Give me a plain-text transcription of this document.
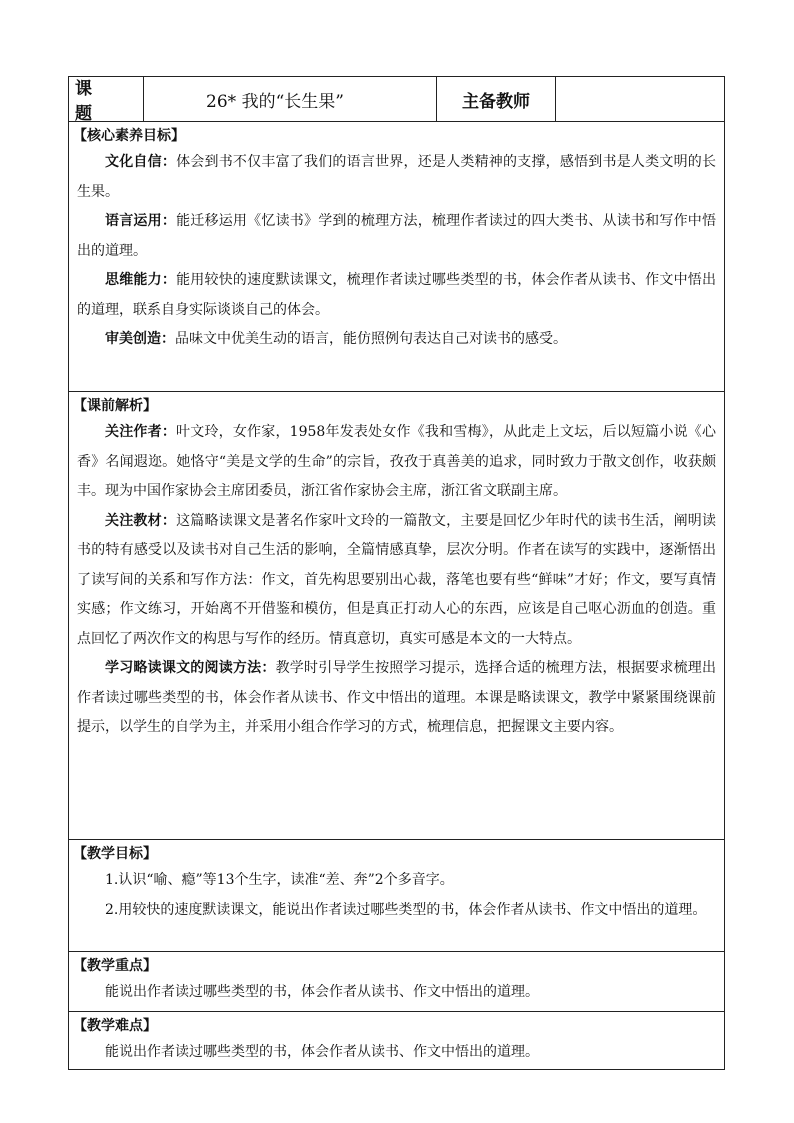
课　题
26* 我的“长生果”	主备教师
【核心素养目标】

文化自信：体会到书不仅丰富了我们的语言世界，还是人类精神的支撑，感悟到书是人类文明的长生果。

语言运用：能迁移运用《忆读书》学到的梳理方法，梳理作者读过的四大类书、从读书和写作中悟出的道理。

思维能力：能用较快的速度默读课文，梳理作者读过哪些类型的书，体会作者从读书、作文中悟出的道理，联系自身实际谈谈自己的体会。

审美创造：品味文中优美生动的语言，能仿照例句表达自己对读书的感受。

【课前解析】

关注作者：叶文玲，女作家，1958年发表处女作《我和雪梅》，从此走上文坛，后以短篇小说《心香》名闻遐迩。她恪守“美是文学的生命”的宗旨，孜孜于真善美的追求，同时致力于散文创作，收获颇丰。现为中国作家协会主席团委员，浙江省作家协会主席，浙江省文联副主席。

关注教材：这篇略读课文是著名作家叶文玲的一篇散文，主要是回忆少年时代的读书生活，阐明读书的特有感受以及读书对自己生活的影响，全篇情感真挚，层次分明。作者在读写的实践中，逐渐悟出了读写间的关系和写作方法：作文，首先构思要别出心裁，落笔也要有些“鲜味”才好；作文，要写真情实感；作文练习，开始离不开借鉴和模仿，但是真正打动人心的东西，应该是自己呕心沥血的创造。重点回忆了两次作文的构思与写作的经历。情真意切，真实可感是本文的一大特点。

学习略读课文的阅读方法：教学时引导学生按照学习提示，选择合适的梳理方法，根据要求梳理出作者读过哪些类型的书，体会作者从读书、作文中悟出的道理。本课是略读课文，教学中紧紧围绕课前提示，以学生的自学为主，并采用小组合作学习的方式，梳理信息，把握课文主要内容。

【教学目标】

1.认识“喻、瘾”等13个生字，读准“差、奔”2个多音字。

2.用较快的速度默读课文，能说出作者读过哪些类型的书，体会作者从读书、作文中悟出的道理。

【教学重点】

能说出作者读过哪些类型的书，体会作者从读书、作文中悟出的道理。

【教学难点】

能说出作者读过哪些类型的书，体会作者从读书、作文中悟出的道理。
